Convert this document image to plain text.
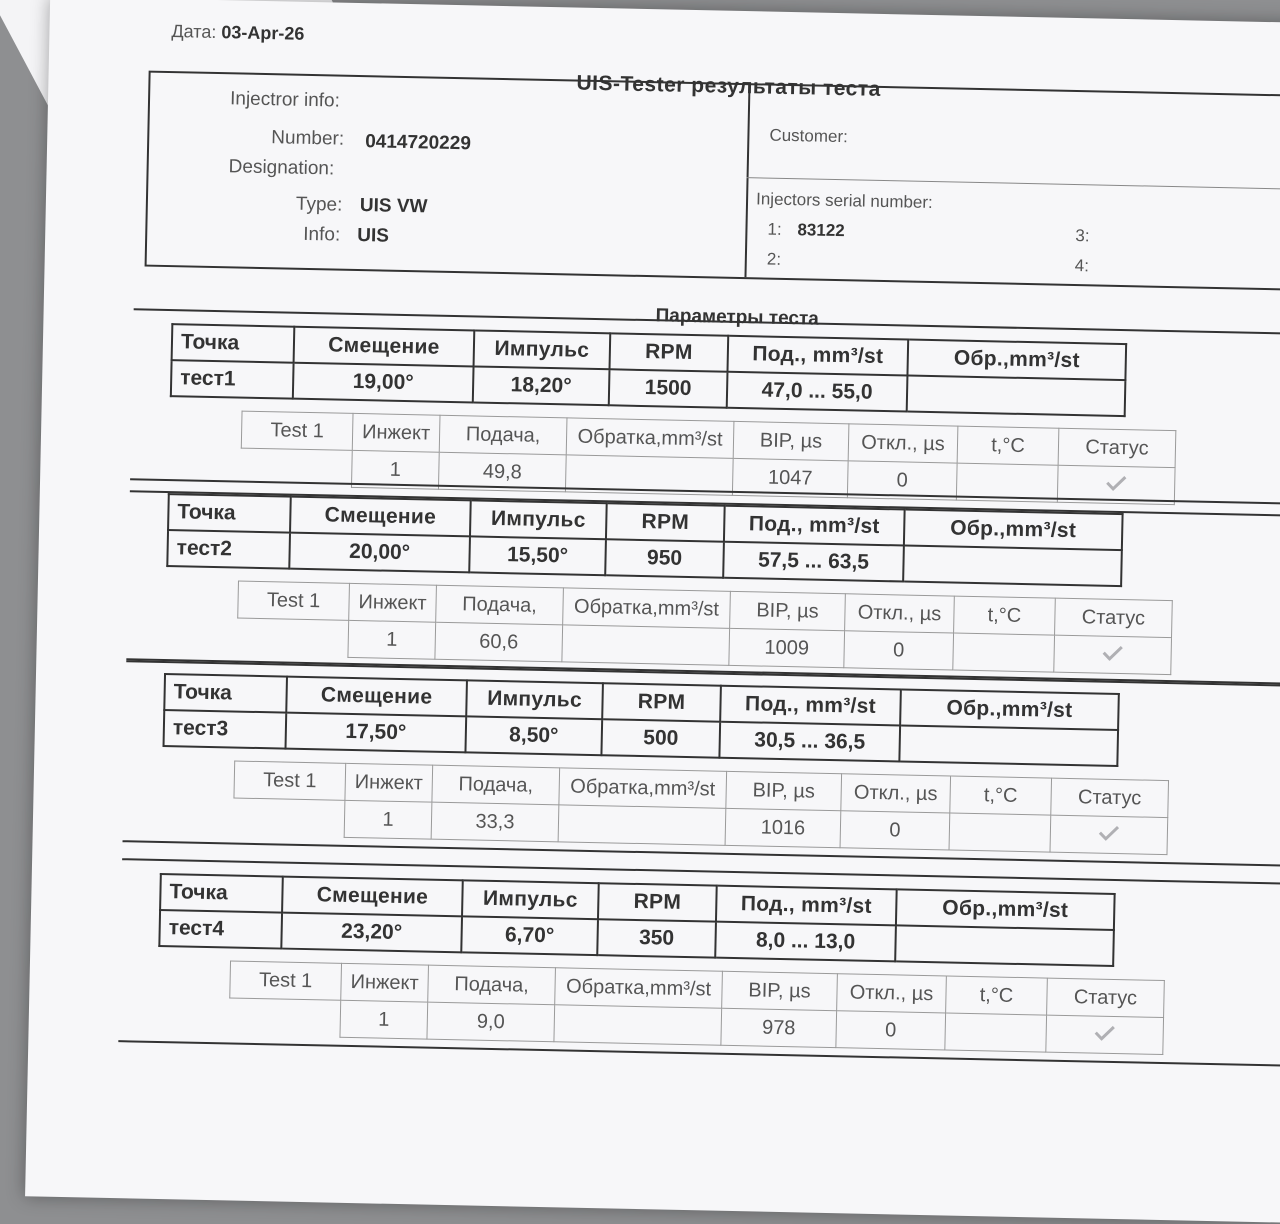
Дата: 03-Apr-26
UIS-Tester результаты теста
Injectror info:
Number: 0414720229
Designation:
Type: UIS VW
Info: UIS
Customer:
Injectors serial number:
1: 83122
2:
3:
4:
Параметры теста
Точка	Смещение	Импульс	RPM	Под., mm³/st	Обр.,mm³/st
тест1	19,00°	18,20°	1500	47,0 ... 55,0	
Test 1	Инжект	Подача,	Обратка,mm³/st	BIP, µs	Откл., µs	t,°C	Статус
	1	49,8		1047	0		
Точка	Смещение	Импульс	RPM	Под., mm³/st	Обр.,mm³/st
тест2	20,00°	15,50°	950	57,5 ... 63,5	
Test 1	Инжект	Подача,	Обратка,mm³/st	BIP, µs	Откл., µs	t,°C	Статус
	1	60,6		1009	0		
Точка	Смещение	Импульс	RPM	Под., mm³/st	Обр.,mm³/st
тест3	17,50°	8,50°	500	30,5 ... 36,5	
Test 1	Инжект	Подача,	Обратка,mm³/st	BIP, µs	Откл., µs	t,°C	Статус
	1	33,3		1016	0		
Точка	Смещение	Импульс	RPM	Под., mm³/st	Обр.,mm³/st
тест4	23,20°	6,70°	350	8,0 ... 13,0	
Test 1	Инжект	Подача,	Обратка,mm³/st	BIP, µs	Откл., µs	t,°C	Статус
	1	9,0		978	0		
